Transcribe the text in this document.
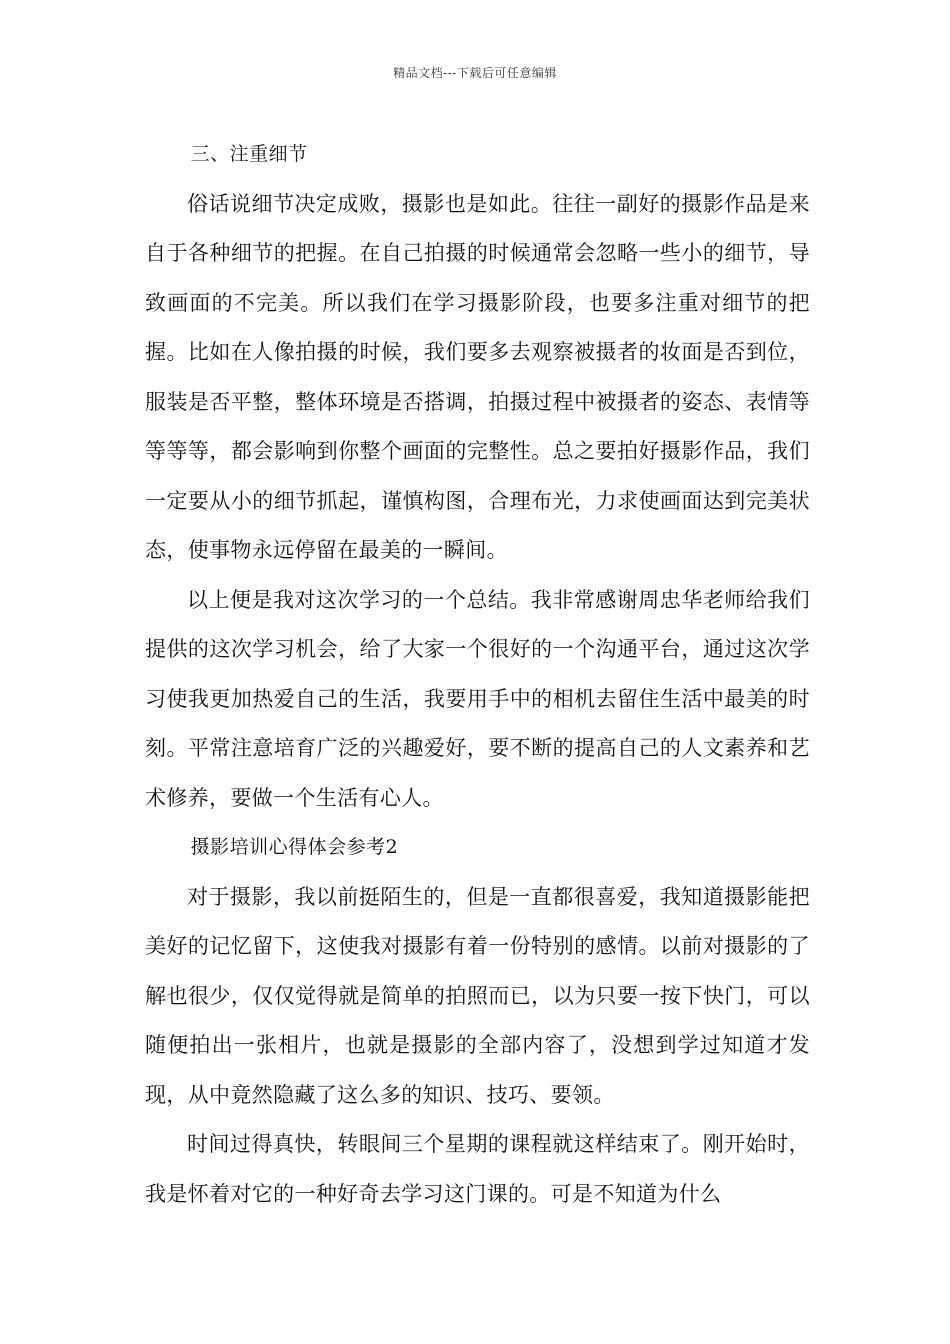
精品文档---下载后可任意编辑

三、注重细节

俗话说细节决定成败，摄影也是如此。往往一副好的摄影作品是来自于各种细节的把握。在自己拍摄的时候通常会忽略一些小的细节，导致画面的不完美。所以我们在学习摄影阶段，也要多注重对细节的把握。比如在人像拍摄的时候，我们要多去观察被摄者的妆面是否到位，服装是否平整，整体环境是否搭调，拍摄过程中被摄者的姿态、表情等等等等，都会影响到你整个画面的完整性。总之要拍好摄影作品，我们一定要从小的细节抓起，谨慎构图，合理布光，力求使画面达到完美状态，使事物永远停留在最美的一瞬间。

以上便是我对这次学习的一个总结。我非常感谢周忠华老师给我们提供的这次学习机会，给了大家一个很好的一个沟通平台，通过这次学习使我更加热爱自己的生活，我要用手中的相机去留住生活中最美的时刻。平常注意培育广泛的兴趣爱好，要不断的提高自己的人文素养和艺术修养，要做一个生活有心人。

摄影培训心得体会参考2

对于摄影，我以前挺陌生的，但是一直都很喜爱，我知道摄影能把美好的记忆留下，这使我对摄影有着一份特别的感情。以前对摄影的了解也很少，仅仅觉得就是简单的拍照而已，以为只要一按下快门，可以随便拍出一张相片，也就是摄影的全部内容了，没想到学过知道才发现，从中竟然隐藏了这么多的知识、技巧、要领。

时间过得真快，转眼间三个星期的课程就这样结束了。刚开始时，我是怀着对它的一种好奇去学习这门课的。可是不知道为什么
